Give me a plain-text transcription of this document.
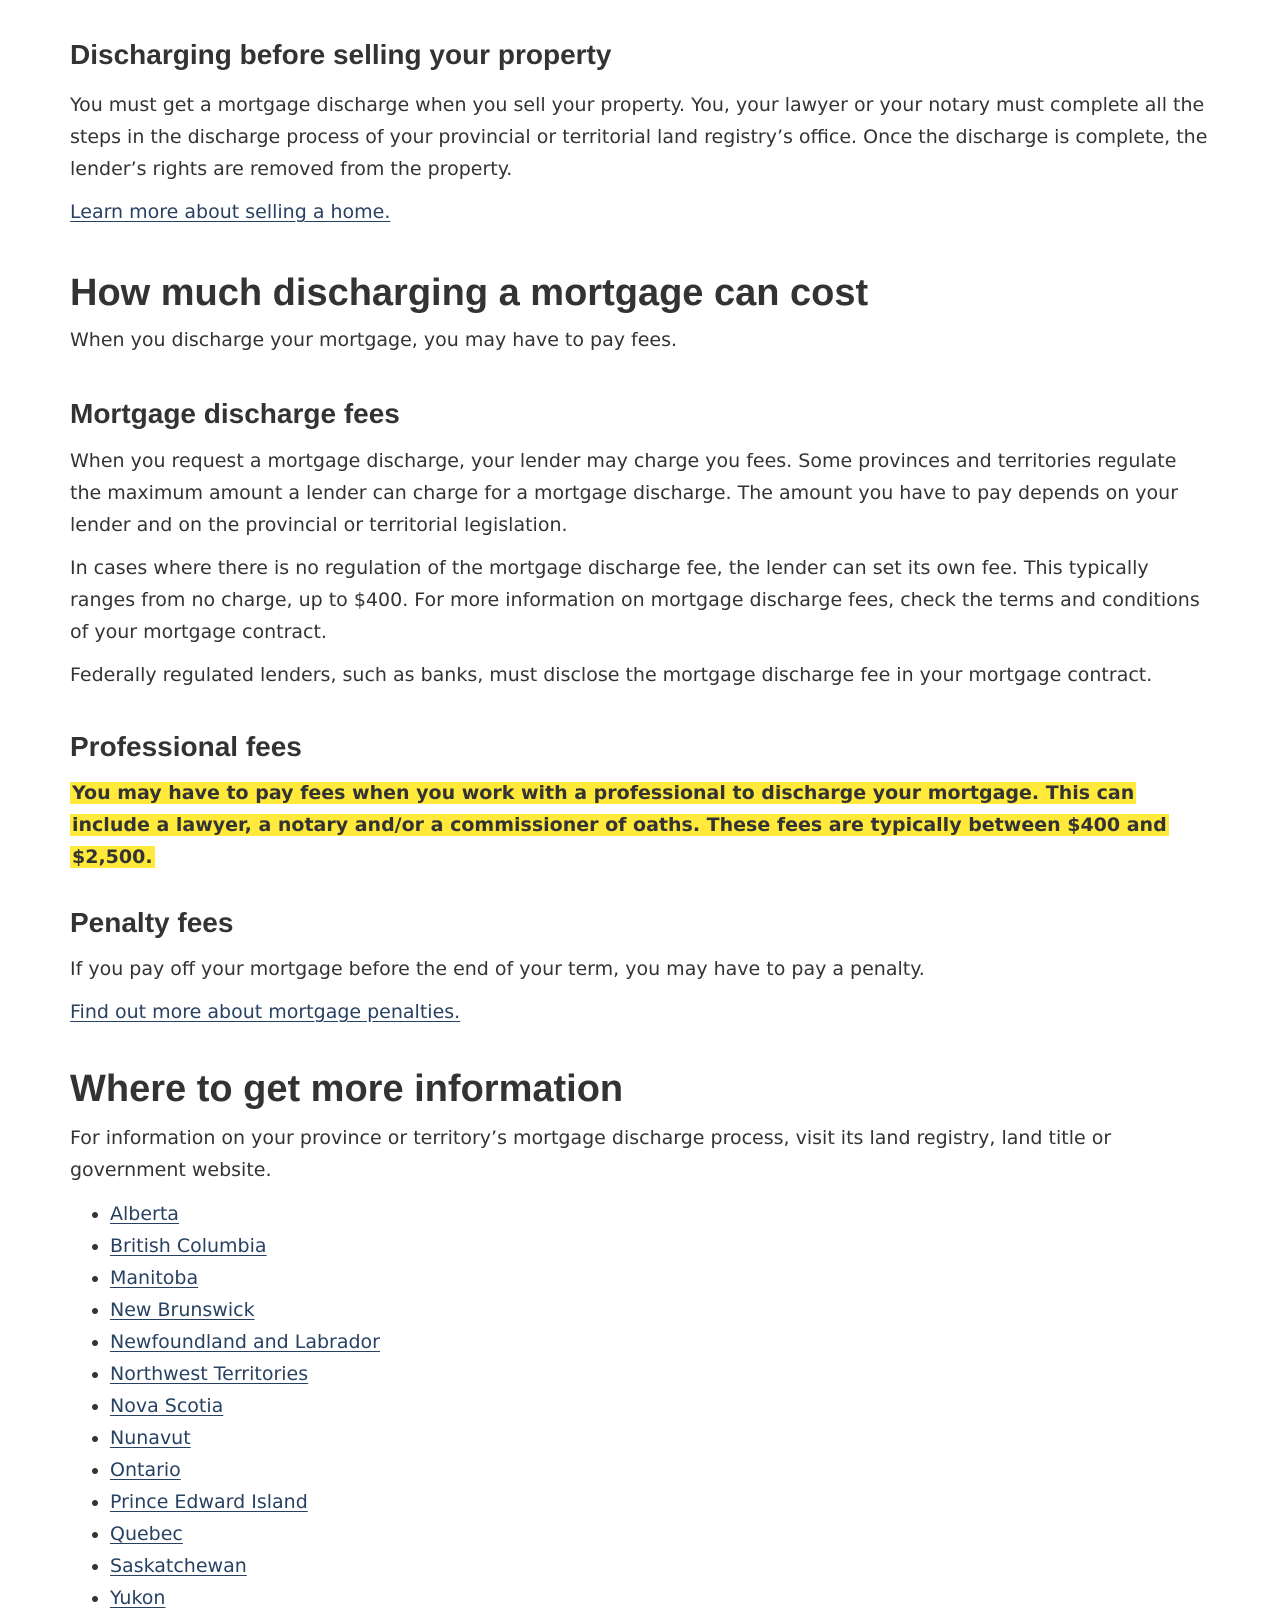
Discharging before selling your property

You must get a mortgage discharge when you sell your property. You, your lawyer or your notary must complete all the steps in the discharge process of your provincial or territorial land registry’s office. Once the discharge is complete, the lender’s rights are removed from the property.

Learn more about selling a home.
How much discharging a mortgage can cost

When you discharge your mortgage, you may have to pay fees.

Mortgage discharge fees

When you request a mortgage discharge, your lender may charge you fees. Some provinces and territories regulate the maximum amount a lender can charge for a mortgage discharge. The amount you have to pay depends on your lender and on the provincial or territorial legislation.

In cases where there is no regulation of the mortgage discharge fee, the lender can set its own fee. This typically ranges from no charge, up to $400. For more information on mortgage discharge fees, check the terms and conditions of your mortgage contract.

Federally regulated lenders, such as banks, must disclose the mortgage discharge fee in your mortgage contract.

Professional fees

You may have to pay fees when you work with a professional to discharge your mortgage. This can include a lawyer, a notary and/or a commissioner of oaths. These fees are typically between $400 and $2,500.

Penalty fees

If you pay off your mortgage before the end of your term, you may have to pay a penalty.

Find out more about mortgage penalties.
Where to get more information

For information on your province or territory’s mortgage discharge process, visit its land registry, land title or government website.

• Alberta
• British Columbia
• Manitoba
• New Brunswick
• Newfoundland and Labrador
• Northwest Territories
• Nova Scotia
• Nunavut
• Ontario
• Prince Edward Island
• Quebec
• Saskatchewan
• Yukon
